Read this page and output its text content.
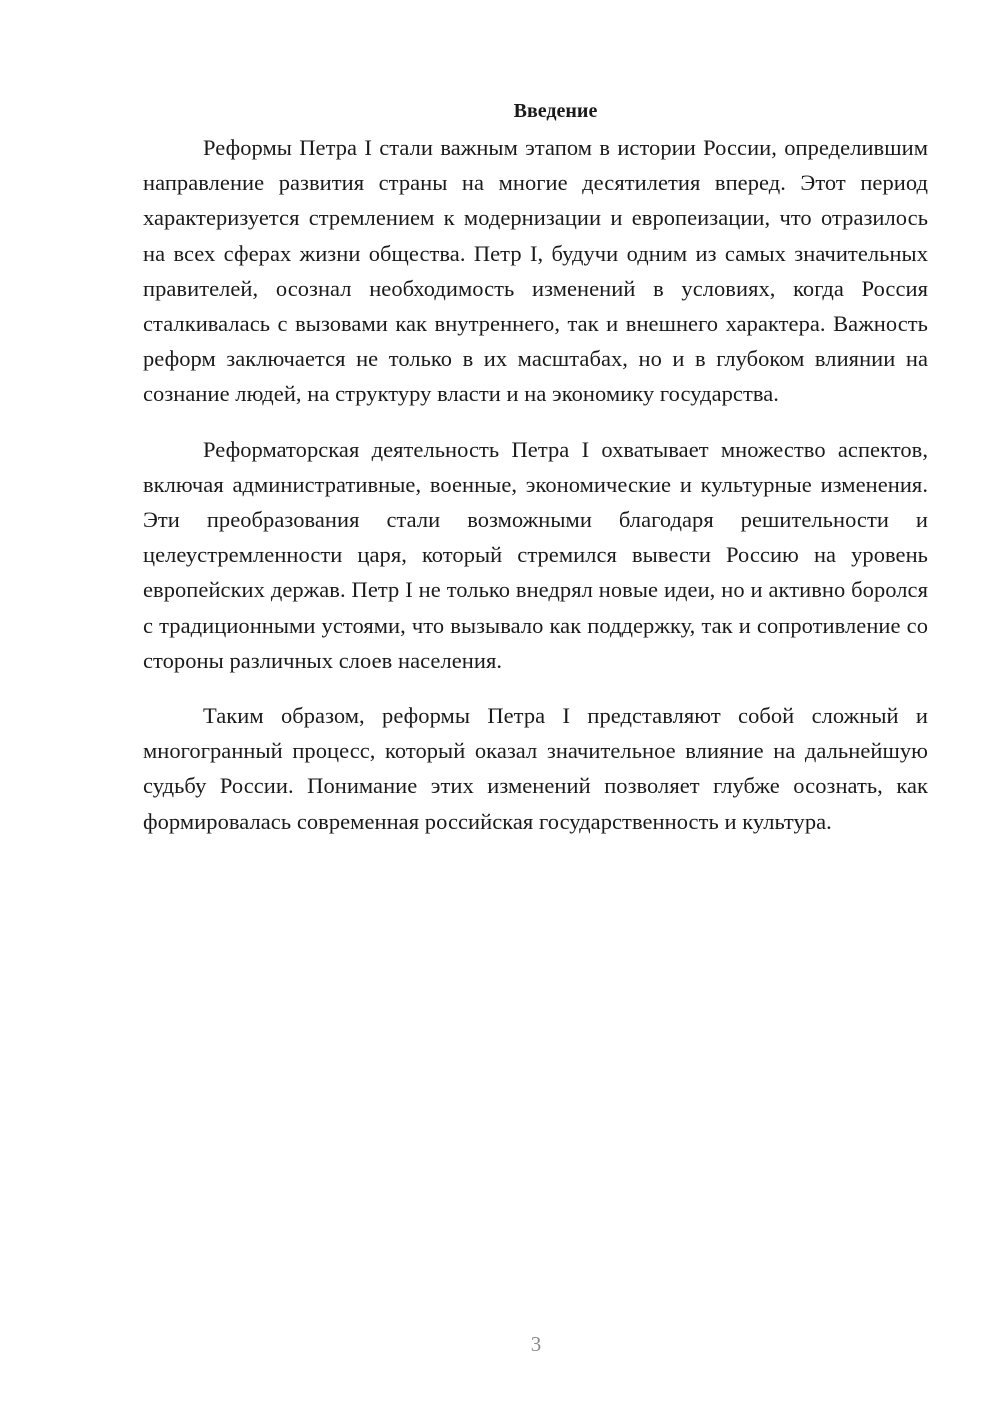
Введение

Реформы Петра I стали важным этапом в истории России, определившим направление развития страны на многие десятилетия вперед. Этот период характеризуется стремлением к модернизации и европеизации, что отразилось на всех сферах жизни общества. Петр I, будучи одним из самых значительных правителей, осознал необходимость изменений в условиях, когда Россия сталкивалась с вызовами как внутреннего, так и внешнего характера. Важность реформ заключается не только в их масштабах, но и в глубоком влиянии на сознание людей, на структуру власти и на экономику государства.

Реформаторская деятельность Петра I охватывает множество аспектов, включая административные, военные, экономические и культурные изменения. Эти преобразования стали возможными благодаря решительности и целеустремленности царя, который стремился вывести Россию на уровень европейских держав. Петр I не только внедрял новые идеи, но и активно боролся с традиционными устоями, что вызывало как поддержку, так и сопротивление со стороны различных слоев населения.

Таким образом, реформы Петра I представляют собой сложный и многогранный процесс, который оказал значительное влияние на дальнейшую судьбу России. Понимание этих изменений позволяет глубже осознать, как формировалась современная российская государственность и культура.

3
